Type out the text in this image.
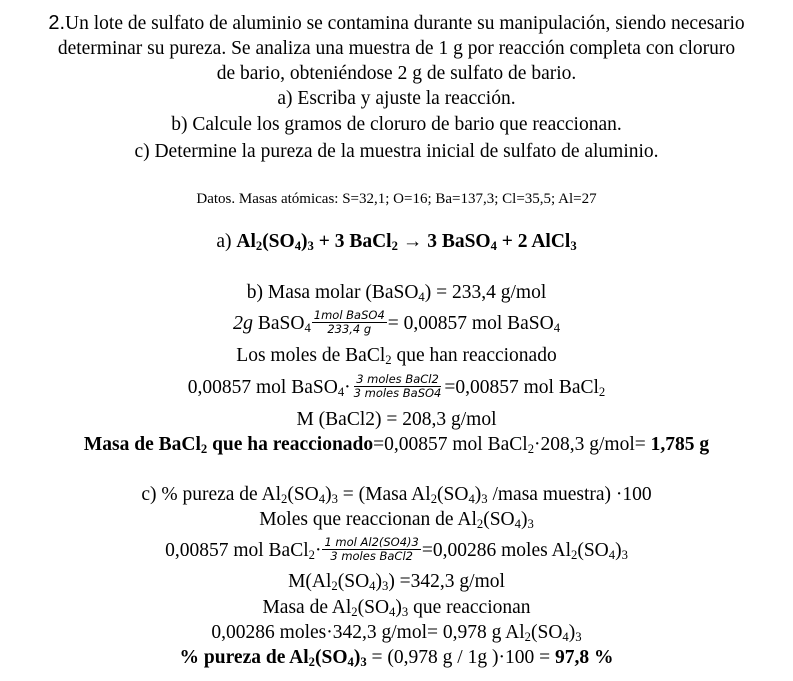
2.Un lote de sulfato de aluminio se contamina durante su manipulación, siendo necesario
determinar su pureza. Se analiza una muestra de 1 g por reacción completa con cloruro
de bario, obteniéndose 2 g de sulfato de bario.
a) Escriba y ajuste la reacción.
b) Calcule los gramos de cloruro de bario que reaccionan.
c) Determine la pureza de la muestra inicial de sulfato de aluminio.
Datos. Masas atómicas: S=32,1; O=16; Ba=137,3; Cl=35,5; Al=27
a) $Al_2(SO_4)_3 + 3$ BaCl$_2$ → 3 BaSO$_4$ + 2 AlCl$_3$
b) Masa molar (BaSO$_4$) = 233,4 g/mol
2g BaSO$_4$ $\frac{\text{1mol BaSO4}}{233,4 g} = 0,00857$ mol BaSO$_4$
Los moles de BaCl$_2$ que han reaccionado
0,00857 mol BaSO$_4$· $\frac{\text{3 moles BaCl2}}{\text{3 moles BaSO4}} =0,00857$ mol BaCl$_2$
M (BaCl2) = 208,3 g/mol
Masa de BaCl$_2$ que ha reaccionado=0,00857 mol BaCl$_2$·208,3 g/mol= 1,785 g
c) % pureza de $Al_2(SO_4)_3$ = (Masa $Al_2(SO_4)_3$ /masa muestra) ·100
Moles que reaccionan de $Al_2(SO_4)_3$
0,00857 mol BaCl$_2$· $\frac{\text{1 mol Al2(SO4)3}}{\text{3 moles BaCl2}} =0,00286$ moles $Al_2(SO_4)_3$
$M(Al_2(SO_4)_3) =342,3$ g/mol
Masa de $Al_2(SO_4)_3$ que reaccionan
0,00286 moles·342,3 g/mol= 0,978 g $Al_2(SO_4)_3$
% pureza de $Al_2(SO_4)_3 = (0,978$ g / 1g )·100 = 97,8 %
